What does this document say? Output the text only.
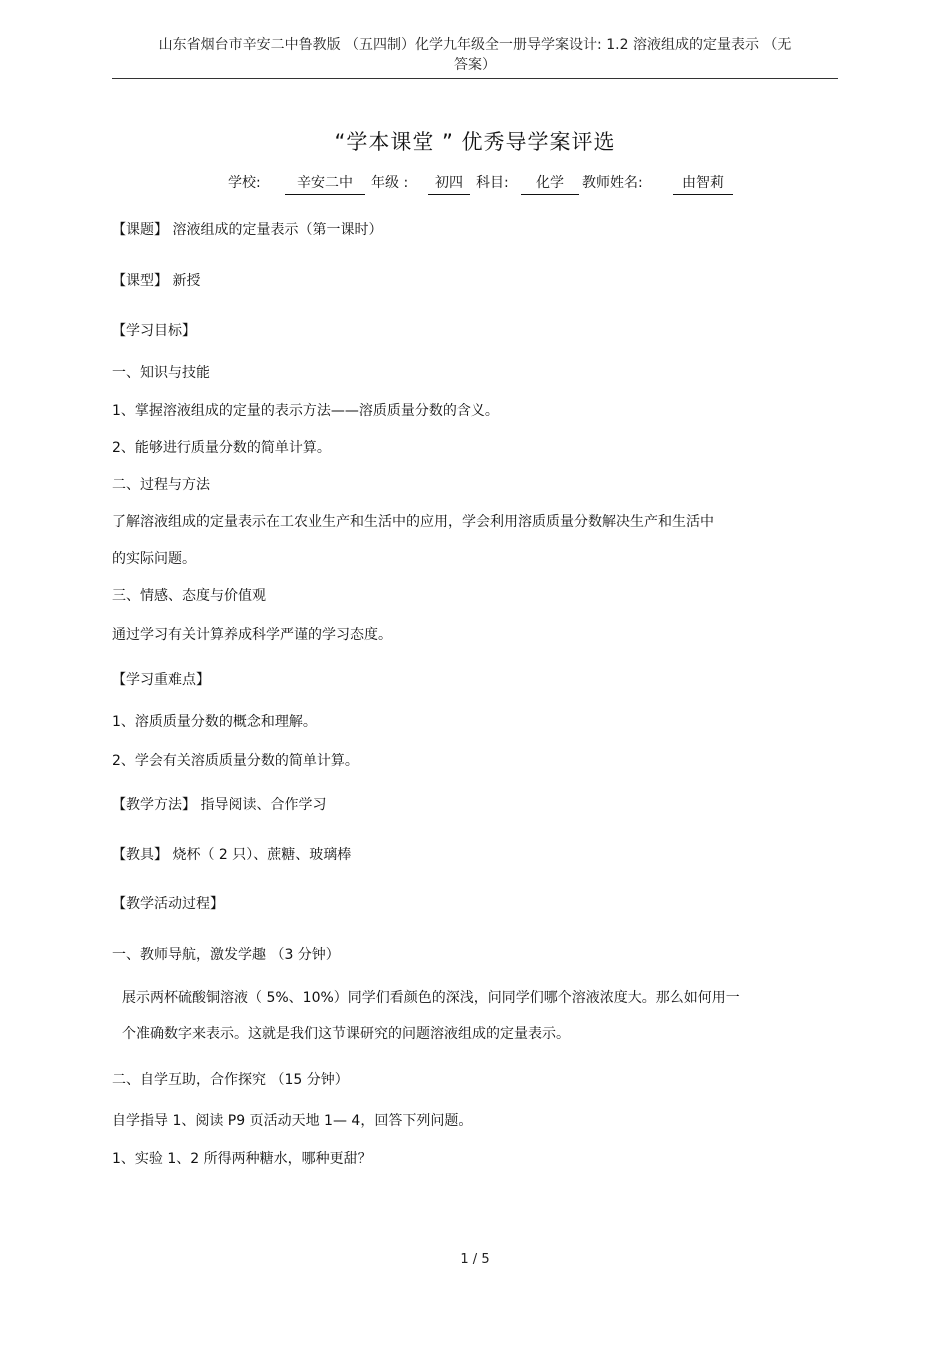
山东省烟台市辛安二中鲁教版 （五四制）化学九年级全一册导学案设计: 1.2 溶液组成的定量表示 （无
答案）
“学本课堂 ” 优秀导学案评选
学校:	辛安二中	年级 :	初四 科目:	化学	教师姓名:	由智莉
【课题】 溶液组成的定量表示（第一课时）
【课型】 新授
【学习目标】
一、知识与技能
1、掌握溶液组成的定量的表示方法——溶质质量分数的含义。
2、能够进行质量分数的简单计算。
二、过程与方法
了解溶液组成的定量表示在工农业生产和生活中的应用，学会利用溶质质量分数解决生产和生活中
的实际问题。
三、情感、态度与价值观
通过学习有关计算养成科学严谨的学习态度。
【学习重难点】
1、溶质质量分数的概念和理解。
2、学会有关溶质质量分数的简单计算。
【教学方法】 指导阅读、合作学习
【教具】 烧杯（ 2 只）、蔗糖、玻璃棒
【教学活动过程】
一、教师导航，激发学趣 （3 分钟）
展示两杯硫酸铜溶液（ 5%、10%）同学们看颜色的深浅，问同学们哪个溶液浓度大。那么如何用一
个准确数字来表示。这就是我们这节课研究的问题溶液组成的定量表示。
二、自学互助，合作探究 （15 分钟）
自学指导 1、阅读 P9 页活动天地 1— 4，回答下列问题。
1、实验 1、2 所得两种糖水，哪种更甜？
1 / 5
